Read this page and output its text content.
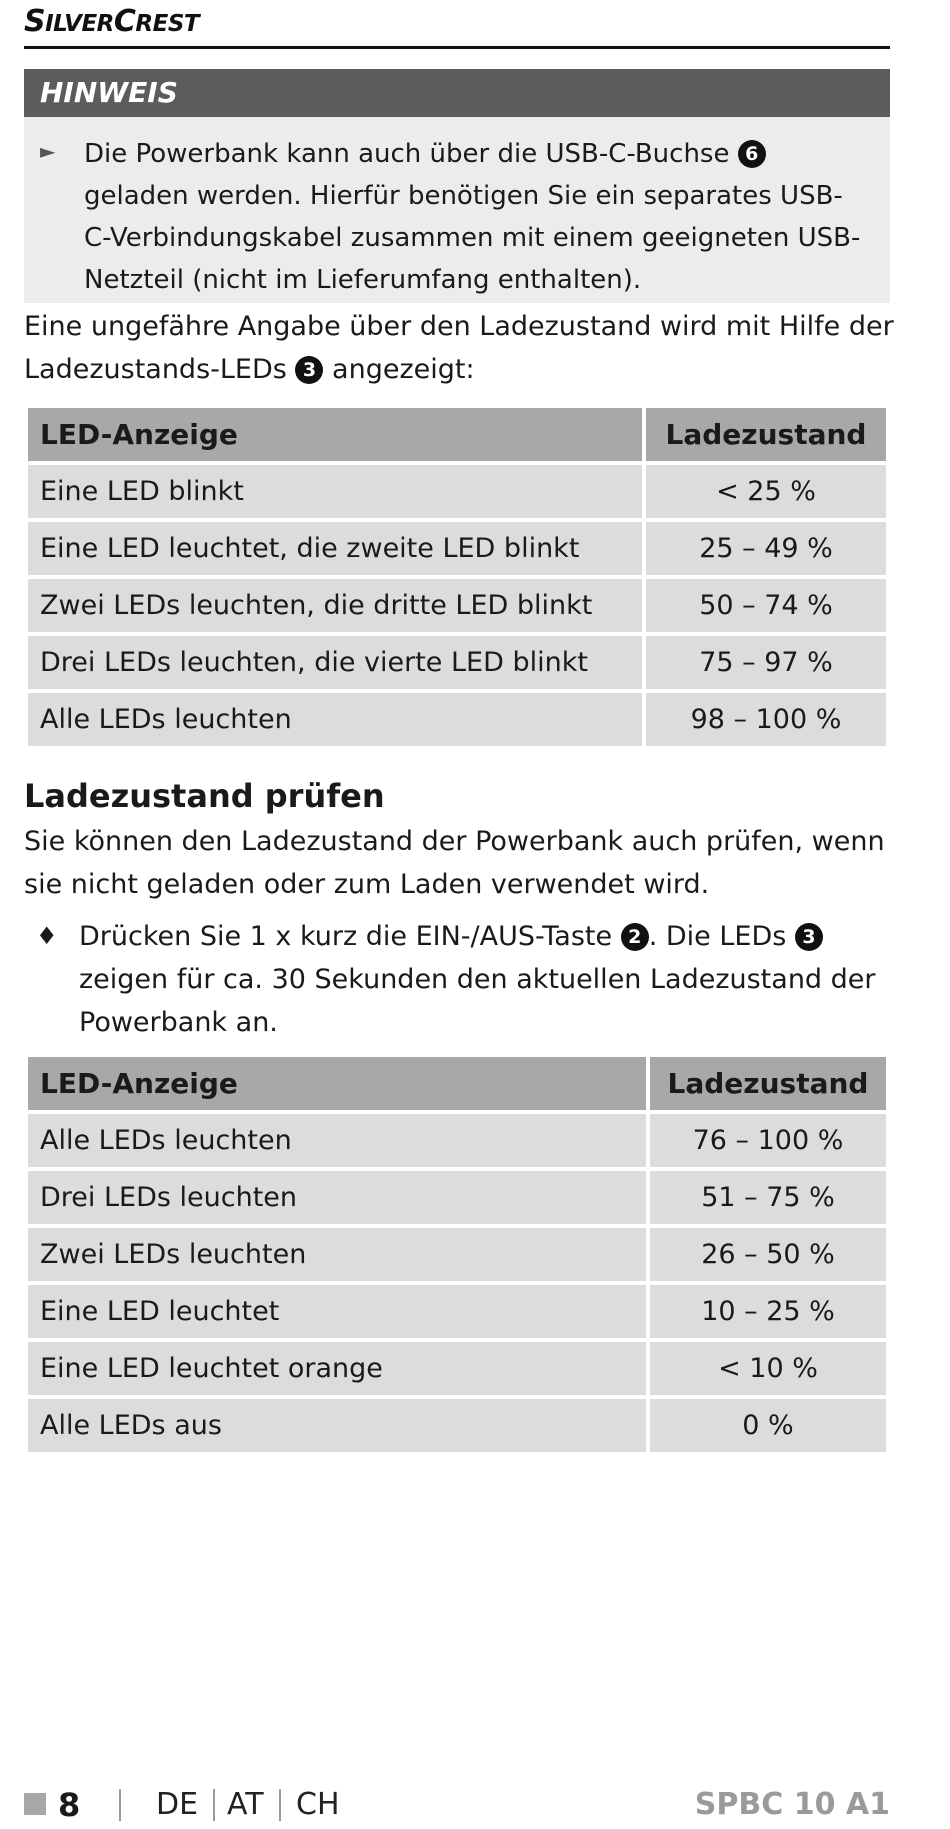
SILVERCREST
HINWEIS
► Die Powerbank kann auch über die USB-C-Buchse 6 geladen werden. Hierfür benötigen Sie ein separates USB-C-Verbindungskabel zusammen mit einem geeigneten USB-Netzteil (nicht im Lieferumfang enthalten).
Eine ungefähre Angabe über den Ladezustand wird mit Hilfe der Ladezustands-LEDs 3 angezeigt:
LED-Anzeige	Ladezustand
Eine LED blinkt	< 25 %
Eine LED leuchtet, die zweite LED blinkt	25 – 49 %
Zwei LEDs leuchten, die dritte LED blinkt	50 – 74 %
Drei LEDs leuchten, die vierte LED blinkt	75 – 97 %
Alle LEDs leuchten	98 – 100 %
Ladezustand prüfen
Sie können den Ladezustand der Powerbank auch prüfen, wenn sie nicht geladen oder zum Laden verwendet wird.
♦ Drücken Sie 1 x kurz die EIN-/AUS-Taste 2 . Die LEDs 3 zeigen für ca. 30 Sekunden den aktuellen Ladezustand der Powerbank an.
LED-Anzeige	Ladezustand
Alle LEDs leuchten	76 – 100 %
Drei LEDs leuchten	51 – 75 %
Zwei LEDs leuchten	26 – 50 %
Eine LED leuchtet	10 – 25 %
Eine LED leuchtet orange	< 10 %
Alle LEDs aus	0 %
8	DE AT CH	SPBC 10 A1
